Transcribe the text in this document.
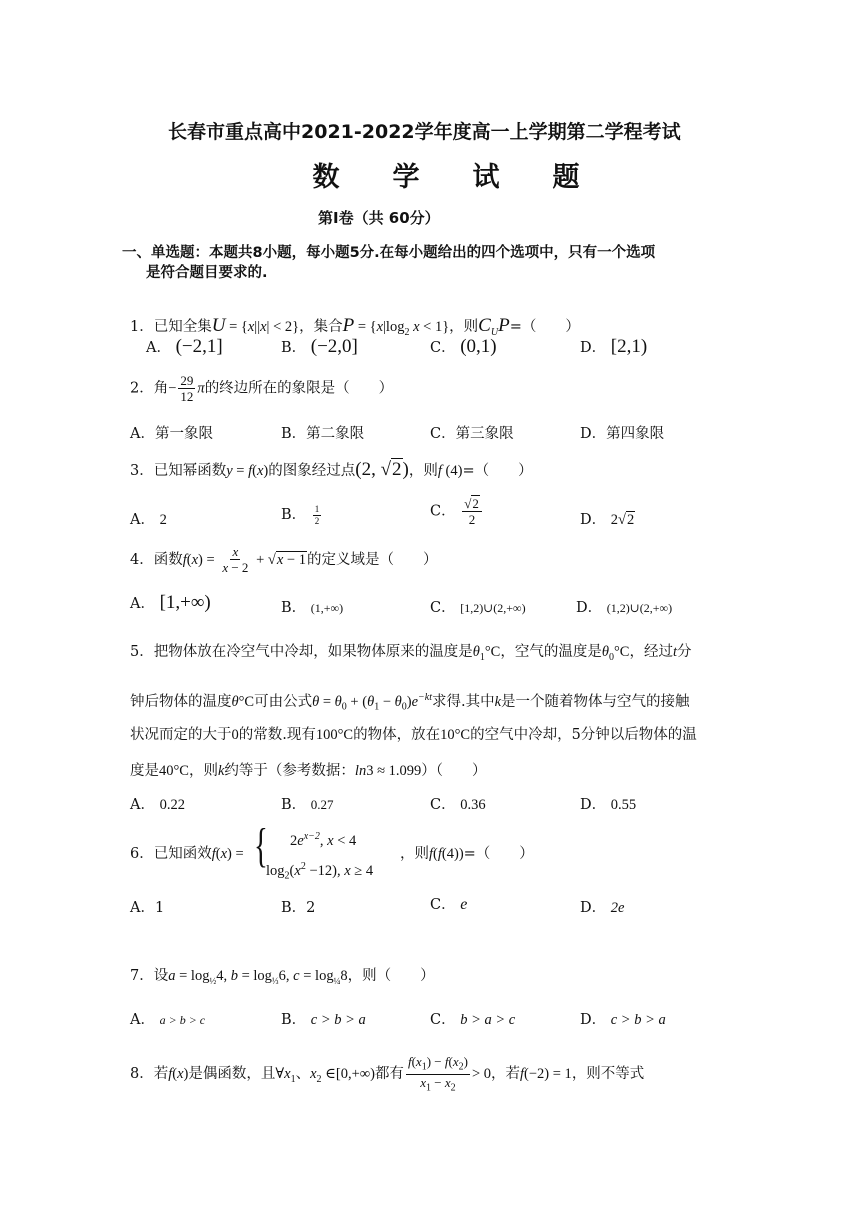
长春市重点高中2021-2022学年度高一上学期第二学程考试
数 学 试 题
第Ⅰ卷（共 60分）
一、单选题：本题共8小题，每小题5分.在每小题给出的四个选项中，只有一个选项
是符合题目要求的.
1．已知全集U = {x||x| < 2}，集合$P = \{x|\log_2$ x < 1}，则$C_UP=$（　　）
A． (−2,1]	B． (−2,0]	C． (0,1)	D． [2,1)
2．角− $\frac{29}{12}$ π的终边所在的象限是（　　）
A．第一象限	B．第二象限	C．第三象限	D．第四象限
3．已知幂函数y = f(x)的图象经过点(2, √2)，则f (4)=（　　）
A． 2	B． $\frac{1}{2}$	C． $\frac{√2}{2}$	D． 2√2
4．函数$f(x) = \frac{x}{x - 2} + √x - 1$的定义域是（　　）
A． [1,+∞)	B． (1,+∞)	C． [1,2)∪(2,+∞)	D． (1,2)∪(2,+∞)
5．把物体放在冷空气中冷却，如果物体原来的温度是$\theta_1^\circ C$，空气的温度是$\theta_0^\circ C$，经过t分
钟后物体的温度θ°C可由公式$\theta = \theta_0 + (\theta_1 - \theta_0)e^{-kt}$求得.其中k是一个随着物体与空气的接触
状况而定的大于0的常数.现有100°C的物体，放在10°C的空气中冷却，5分钟以后物体的温
度是40°C，则k约等于（参考数据：ln3 ≈ 1.099）（　　）
A． 0.22	B． 0.27	C． 0.36	D． 0.55
6．已知函效f(x) = { $2e^{x-2}$, x < 4
$\log_2(x^2 -12)$, x ≥ 4
，则f(f(4))=（　　）
A．1	B．2	C． e	D． 2e
7．设$a = \log_{\frac{1}{2}}4$, $b = \log_{\frac{1}{3}}6$, $c = \log_{\frac{1}{4}}8$，则（　　）
A． a > b > c	B． c > b > a	C． b > a > c	D． c > b > a
8．若f(x)是偶函数，且$\forall x_1$、$x_2$ ∈[0,+∞)都有 $\frac{f(x_1) - f(x_2)}{x_1 - x_2} > 0$，若f(−2) = 1，则不等式
